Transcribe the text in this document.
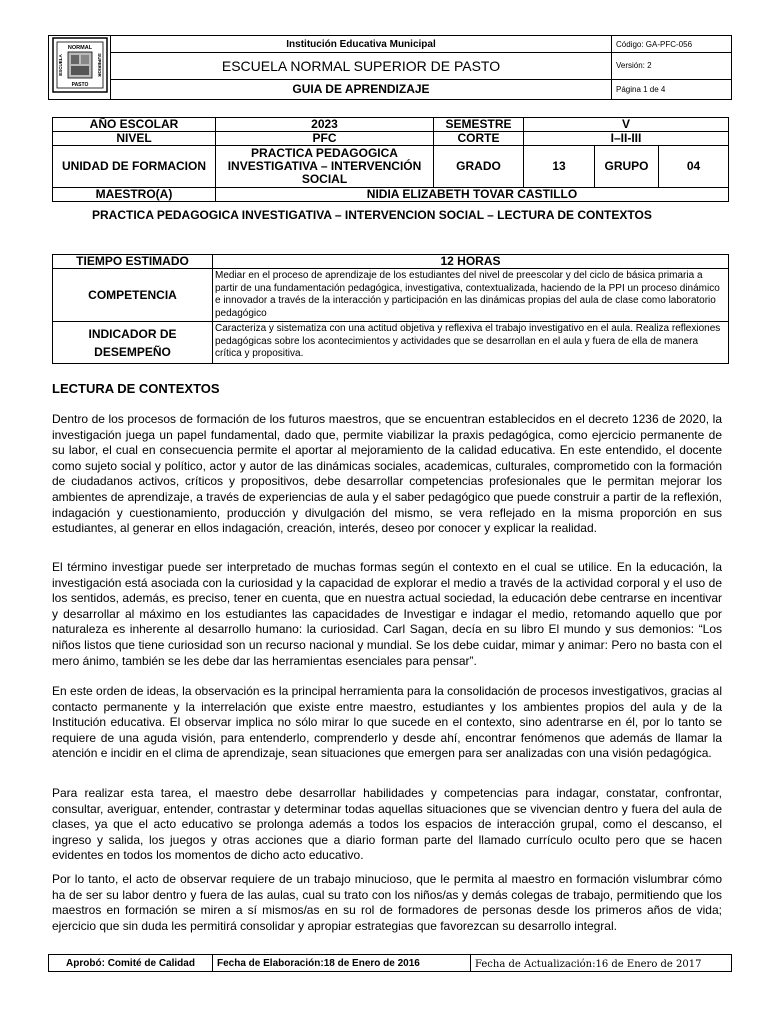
NORMAL
PASTO
ESCUELA SUPERIOR	Institución Educativa Municipal	Código: GA-PFC-056
	ESCUELA NORMAL SUPERIOR DE PASTO	Versión: 2
	GUIA DE APRENDIZAJE	Página 1 de 4
AÑO ESCOLAR	2023	SEMESTRE	V		
NIVEL	PFC	CORTE	I–II-III		
UNIDAD DE FORMACION	PRACTICA PEDAGOGICA INVESTIGATIVA – INTERVENCIÓN SOCIAL	GRADO	13	GRUPO	04
MAESTRO(A)	NIDIA ELIZABETH TOVAR CASTILLO				
PRACTICA PEDAGOGICA INVESTIGATIVA – INTERVENCION SOCIAL – LECTURA DE CONTEXTOS
TIEMPO ESTIMADO	12 HORAS
COMPETENCIA	Mediar en el proceso de aprendizaje de los estudiantes del nivel de preescolar y del ciclo de básica primaria a partir de una fundamentación pedagógica, investigativa, contextualizada, haciendo de la PPI un proceso dinámico e innovador a través de la interacción y participación en las dinámicas propias del aula de clase como laboratorio pedagógico
INDICADOR DE DESEMPEÑO	Caracteriza y sistematiza con una actitud objetiva y reflexiva el trabajo investigativo en el aula. Realiza reflexiones pedagógicas sobre los acontecimientos y actividades que se desarrollan en el aula y fuera de ella de manera crítica y propositiva.
LECTURA DE CONTEXTOS

Dentro de los procesos de formación de los futuros maestros, que se encuentran establecidos en el decreto 1236 de 2020, la investigación juega un papel fundamental, dado que, permite viabilizar la praxis pedagógica, como ejercicio permanente de su labor, el cual en consecuencia permite el aportar al mejoramiento de la calidad educativa. En este entendido, el docente como sujeto social y político, actor y autor de las dinámicas sociales, academicas, culturales, comprometido con la formación de ciudadanos activos, críticos y propositivos, debe desarrollar competencias profesionales que le permitan mejorar los ambientes de aprendizaje, a través de experiencias de aula y el saber pedagógico que puede construir a partir de la reflexión, indagación y cuestionamiento, producción y divulgación del mismo, se vera reflejado en la misma proporción en sus estudiantes, al generar en ellos indagación, creación, interés, deseo por conocer y explicar la realidad.

El término investigar puede ser interpretado de muchas formas según el contexto en el cual se utilice. En la educación, la investigación está asociada con la curiosidad y la capacidad de explorar el medio a través de la actividad corporal y el uso de los sentidos, además, es preciso, tener en cuenta, que en nuestra actual sociedad, la educación debe centrarse en incentivar y desarrollar al máximo en los estudiantes las capacidades de Investigar e indagar el medio, retomando aquello que por naturaleza es inherente al desarrollo humano: la curiosidad. Carl Sagan, decía en su libro El mundo y sus demonios: “Los niños listos que tiene curiosidad son un recurso nacional y mundial. Se los debe cuidar, mimar y animar: Pero no basta con el mero ánimo, también se les debe dar las herramientas esenciales para pensar”.

En este orden de ideas, la observación es la principal herramienta para la consolidación de procesos investigativos, gracias al contacto permanente y la interrelación que existe entre maestro, estudiantes y los ambientes propios del aula y de la Institución educativa. El observar implica no sólo mirar lo que sucede en el contexto, sino adentrarse en él, por lo tanto se requiere de una aguda visión, para entenderlo, comprenderlo y desde ahí, encontrar fenómenos que además de llamar la atención e incidir en el clima de aprendizaje, sean situaciones que emergen para ser analizadas con una visión pedagógica.

Para realizar esta tarea, el maestro debe desarrollar habilidades y competencias para indagar, constatar, confrontar, consultar, averiguar, entender, contrastar y determinar todas aquellas situaciones que se vivencian dentro y fuera del aula de clases, ya que el acto educativo se prolonga además a todos los espacios de interacción grupal, como el descanso, el ingreso y salida, los juegos y otras acciones que a diario forman parte del llamado currículo oculto pero que se hacen evidentes en todos los momentos de dicho acto educativo.

Por lo tanto, el acto de observar requiere de un trabajo minucioso, que le permita al maestro en formación vislumbrar cómo ha de ser su labor dentro y fuera de las aulas, cual su trato con los niños/as y demás colegas de trabajo, permitiendo que los maestros en formación se miren a sí mismos/as en su rol de formadores de personas desde los primeros años de vida; ejercicio que sin duda les permitirá consolidar y apropiar estrategias que favorezcan su desarrollo integral.

Aprobó: Comité de Calidad	Fecha de Elaboración:18 de Enero de 2016	Fecha de Actualización:16 de Enero de 2017
